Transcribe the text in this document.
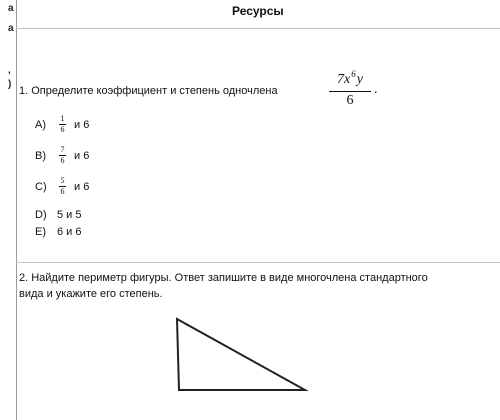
а
а
,
)
Ресурсы
1. Определите коэффициент и степень одночлена
$7x^6y$
6
.
A)	$\frac{1}{6}$ и 6
B)	$\frac{7}{6}$ и 6
C)	$\frac{5}{6}$ и 6
D) 5 и 5
E)	6 и 6
2. Найдите периметр фигуры. Ответ запишите в виде многочлена стандартного
вида и укажите его степень.
